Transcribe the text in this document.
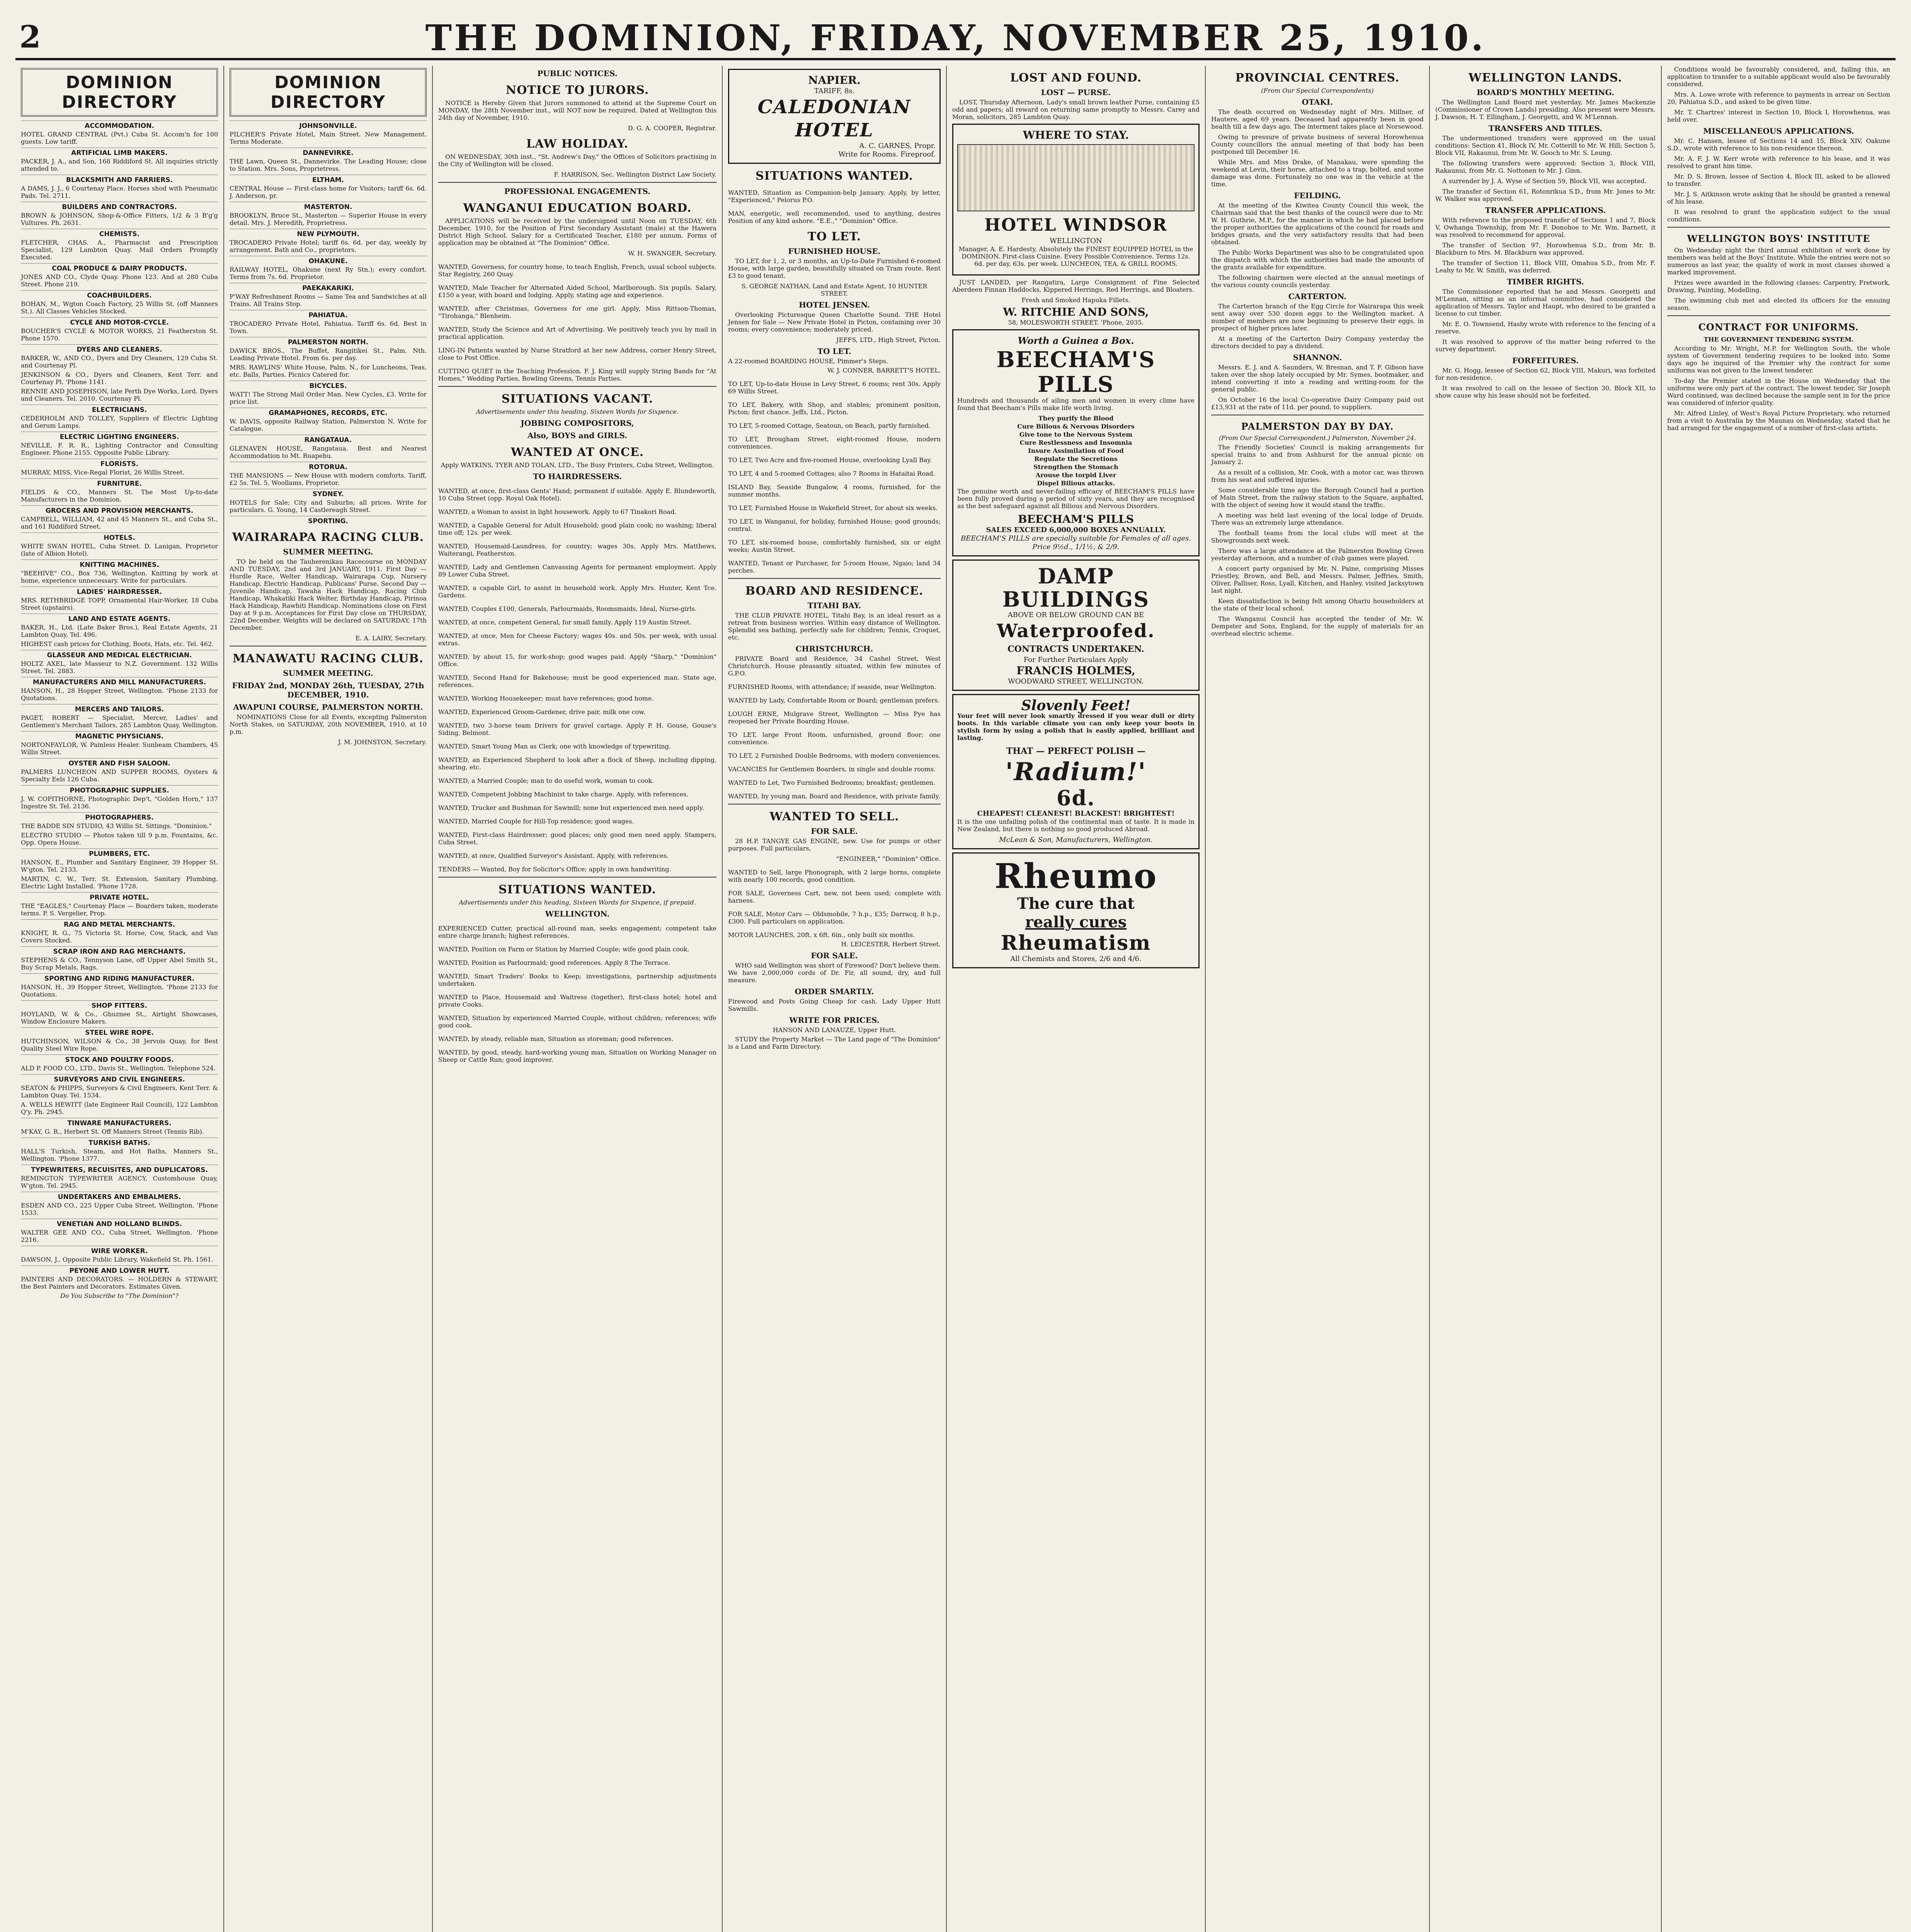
2	THE DOMINION, FRIDAY, NOVEMBER 25, 1910.
DOMINION DIRECTORY
ACCOMMODATION.
HOTEL GRAND CENTRAL (Pvt.) Cuba St. Accom'n for 100 guests. Low tariff.
ARTIFICIAL LIMB MAKERS.
PACKER, J. A., and Son, 168 Riddiford St. All inquiries strictly attended to.
BLACKSMITH AND FARRIERS.
A DAMS, J. J., 6 Courtenay Place. Horses shod with Pneumatic Pads. Tel. 2711.
BUILDERS AND CONTRACTORS.
BROWN & JOHNSON, Shop-&-Office Fitters, 1/2 & 3 B'g'g Vultures. Ph. 2631.
CHEMISTS.
FLETCHER, CHAS. A., Pharmacist and Prescription Specialist, 129 Lambton Quay. Mail Orders Promptly Executed.
COAL PRODUCE & DAIRY PRODUCTS.
JONES AND CO., Clyde Quay. Phone 123. And at 280 Cuba Street. Phone 219.
COACHBUILDERS.
BOHAN, M., Wgton Coach Factory, 25 Willis St. (off Manners St.). All Classes Vehicles Stocked.
CYCLE AND MOTOR-CYCLE.
BOUCHER'S CYCLE & MOTOR WORKS, 21 Featherston St. Phone 1570.
DYERS AND CLEANERS.
BARKER, W., AND CO., Dyers and Dry Cleaners, 129 Cuba St. and Courtenay Pl.
JENKINSON & CO., Dyers and Cleaners, Kent Terr. and Courtenay Pl. 'Phone 1141.
RENNIE AND JOSEPHSON, late Perth Dye Works, Lord. Dyers and Cleaners. Tel. 2010. Courtenay Pl.
ELECTRICIANS.
CEDERHOLM AND TOLLEY, Suppliers of Electric Lighting and Gerum Lamps.
ELECTRIC LIGHTING ENGINEERS.
NEVILLE, F. R. R., Lighting Contractor and Consulting Engineer. Phone 2155. Opposite Public Library.
FLORISTS.
MURRAY, MISS, Vice-Regal Florist, 26 Willis Street.
FURNITURE.
FIELDS & CO., Manners St. The Most Up-to-date Manufacturers in the Dominion.
GROCERS AND PROVISION MERCHANTS.
CAMPBELL, WILLIAM, 42 and 45 Manners St., and Cuba St., and 161 Riddiford Street.
HOTELS.
WHITE SWAN HOTEL, Cuba Street. D. Lanigan, Proprietor (late of Albion Hotel).
KNITTING MACHINES.
"BEEHIVE" CO., Box 736, Wellington. Knitting by work at home, experience unnecessary. Write for particulars.
LADIES' HAIRDRESSER.
MRS. RETHBRIDGE TOPP, Ornamental Hair-Worker, 18 Cuba Street (upstairs).
LAND AND ESTATE AGENTS.
BAKER, H., Ltd. (Late Baker Bros.), Real Estate Agents, 21 Lambton Quay. Tel. 496.
HIGHEST cash prices for Clothing, Boots, Hats, etc. Tel. 462.
GLASSEUR AND MEDICAL ELECTRICIAN.
HOLTZ AXEL, late Masseur to N.Z. Government. 132 Willis Street. Tel. 2883.
MANUFACTURERS AND MILL MANUFACTURERS.
HANSON, H., 28 Hopper Street, Wellington. 'Phone 2133 for Quotations.
MERCERS AND TAILORS.
PAGET, ROBERT — Specialist, Mercer, Ladies' and Gentlemen's Merchant Tailors, 285 Lambton Quay, Wellington.
MAGNETIC PHYSICIANS.
NORTONFAYLOR, W. Painless Healer. Sunbeam Chambers, 45 Willis Street.
OYSTER AND FISH SALOON.
PALMERS LUNCHEON AND SUPPER ROOMS, Oysters & Specialty Eels 126 Cuba.
PHOTOGRAPHIC SUPPLIES.
J. W. COPITHORNE, Photographic Dep't, "Golden Horn," 137 Ingestre St. Tel. 2136.
PHOTOGRAPHERS.
THE BADDE SIN STUDIO, 43 Willis St. Sittings. "Dominion."
ELECTRO STUDIO — Photos taken till 9 p.m. Fountains, &c. Opp. Opera House.
PLUMBERS, ETC.
HANSON, E., Plumber and Sanitary Engineer, 39 Hopper St. W'gton. Tel. 2133.
MARTIN, C. W., Terr. St. Extension, Sanitary Plumbing. Electric Light Installed. 'Phone 1728.
PRIVATE HOTEL.
THE "EAGLES," Courtenay Place — Boarders taken, moderate terms. P. S. Vergelier, Prop.
RAG AND METAL MERCHANTS.
KNIGHT, R. G., 75 Victoria St. Horse, Cow, Stack, and Van Covers Stocked.
SCRAP IRON AND RAG MERCHANTS.
STEPHENS & CO., Tennyson Lane, off Upper Abel Smith St., Buy Scrap Metals, Rags.
SPORTING AND RIDING MANUFACTURER.
HANSON, H., 39 Hopper Street, Wellington. 'Phone 2133 for Quotations.
SHOP FITTERS.
HOYLAND, W. & Co., Ghuznee St., Airtight Showcases, Window Enclosure Makers.
STEEL WIRE ROPE.
HUTCHINSON, WILSON & Co., 38 Jervois Quay, for Best Quality Steel Wire Rope.
STOCK AND POULTRY FOODS.
ALD P. FOOD CO., LTD., Davis St., Wellington. Telephone 524.
SURVEYORS AND CIVIL ENGINEERS.
SEATON & PHIPPS, Surveyors & Civil Engineers, Kent Terr. & Lambton Quay. Tel. 1534.
A. WELLS HEWITT (late Engineer Rail Council), 122 Lambton Q'y. Ph. 2945.
TINWARE MANUFACTURERS.
M'KAY, G. R., Herbert St. Off Manners Street (Tennis Rib).
TURKISH BATHS.
HALL'S Turkish, Steam, and Hot Baths, Manners St., Wellington. 'Phone 1377.
TYPEWRITERS, RECUISITES, AND DUPLICATORS.
REMINGTON TYPEWRITER AGENCY, Customhouse Quay, W'gton. Tel. 2945.
UNDERTAKERS AND EMBALMERS.
ESDEN AND CO., 225 Upper Cuba Street, Wellington. 'Phone 1533.
VENETIAN AND HOLLAND BLINDS.
WALTER GEE AND CO., Cuba Street, Wellington. 'Phone 2216.
WIRE WORKER.
DAWSON, J., Opposite Public Library, Wakefield St. Ph. 1561.
PEYONE AND LOWER HUTT.
PAINTERS AND DECORATORS. — HOLDERN & STEWART, the Best Painters and Decorators. Estimates Given.
Do You Subscribe to "The Dominion"?
DOMINION DIRECTORY
JOHNSONVILLE.
PILCHER'S Private Hotel, Main Street. New Management. Terms Moderate.
DANNEVIRKE.
THE Lawn, Queen St., Dannevirke. The Leading House; close to Station. Mrs. Sons, Proprietress.
ELTHAM.
CENTRAL House — First-class home for Visitors; tariff 6s. 6d. J. Anderson, pr.
MASTERTON.
BROOKLYN, Bruce St., Masterton — Superior House in every detail. Mrs. J. Meredith, Proprietress.
NEW PLYMOUTH.
TROCADERO Private Hotel; tariff 6s. 6d. per day, weekly by arrangement. Bath and Co., proprietors.
OHAKUNE.
RAILWAY HOTEL, Ohakune (next Ry Stn.); every comfort. Terms from 7s. 6d. Proprietor.
PAEKAKARIKI.
P'WAY Refreshment Rooms — Same Tea and Sandwiches at all Trains. All Trains Stop.
PAHIATUA.
TROCADERO Private Hotel, Pahiatua. Tariff 6s. 6d. Best in Town.
PALMERSTON NORTH.
DAWICK BROS., The Buffet, Rangitikei St., Palm. Nth. Leading Private Hotel. From 6s. per day.
MRS. RAWLINS' White House, Palm. N., for Luncheons, Teas, etc. Balls, Parties. Picnics Catered for.
BICYCLES.
WATT! The Strong Mail Order Man. New Cycles, £3. Write for price list.
GRAMAPHONES, RECORDS, ETC.
W. DAVIS, opposite Railway Station, Palmerston N. Write for Catalogue.
RANGATAUA.
GLENAVEN HOUSE, Rangataua. Best and Nearest Accommodation to Mt. Ruapehu.
ROTORUA.
THE MANSIONS — New House with modern comforts. Tariff, £2 5s. Tel. 5. Woollams, Proprietor.
SYDNEY.
HOTELS for Sale; City and Suburbs; all prices. Write for particulars. G. Young, 14 Castlereagh Street.
SPORTING.
WAIRARAPA RACING CLUB.
SUMMER MEETING.

TO be held on the Tauherenikau Racecourse on MONDAY AND TUESDAY, 2nd and 3rd JANUARY, 1911. First Day — Hurdle Race, Welter Handicap, Wairarapa Cup, Nursery Handicap, Electric Handicap, Publicans' Purse. Second Day — Juvenile Handicap, Tawaha Hack Handicap, Racing Club Handicap, Whakatiki Hack Welter, Birthday Handicap, Pirinoa Hack Handicap, Rawhiti Handicap. Nominations close on First Day at 9 p.m. Acceptances for First Day close on THURSDAY, 22nd December. Weights will be declared on SATURDAY, 17th December.

E. A. LAIRY, Secretary.
MANAWATU RACING CLUB.
SUMMER MEETING.
FRIDAY 2nd, MONDAY 26th, TUESDAY, 27th DECEMBER, 1910.
AWAPUNI COURSE, PALMERSTON NORTH.

NOMINATIONS Close for all Events, excepting Palmerston North Stakes, on SATURDAY, 20th NOVEMBER, 1910, at 10 p.m.

J. M. JOHNSTON, Secretary.
PUBLIC NOTICES.
NOTICE TO JURORS.

NOTICE is Hereby Given that Jurors summoned to attend at the Supreme Court on MONDAY, the 28th November inst., will NOT now be required. Dated at Wellington this 24th day of November, 1910.

D. G. A. COOPER, Registrar.
LAW HOLIDAY.

ON WEDNESDAY, 30th inst., "St. Andrew's Day," the Offices of Solicitors practising in the City of Wellington will be closed.

F. HARRISON, Sec. Wellington District Law Society.
PROFESSIONAL ENGAGEMENTS.
WANGANUI EDUCATION BOARD.

APPLICATIONS will be received by the undersigned until Noon on TUESDAY, 6th December, 1910, for the Position of First Secondary Assistant (male) at the Hawera District High School. Salary for a Certificated Teacher, £180 per annum. Forms of application may be obtained at "The Dominion" Office.

W. H. SWANGER, Secretary.

WANTED, Governess, for country home, to teach English, French, usual school subjects. Star Registry, 260 Quay.

WANTED, Male Teacher for Alternated Aided School, Marlborough. Six pupils. Salary, £150 a year, with board and lodging. Apply, stating age and experience.

WANTED, after Christmas, Governess for one girl. Apply, Miss Rittson-Thomas, "Tirohanga," Blenheim.

WANTED, Study the Science and Art of Advertising. We positively teach you by mail in practical application.

LING-IN Patients wanted by Nurse Stratford at her new Address, corner Henry Street, close to Post Office.

CUTTING QUIET in the Teaching Profession. F. J. King will supply String Bands for "At Homes," Wedding Parties, Bowling Greens, Tennis Parties.

SITUATIONS VACANT.
Advertisements under this heading, Sixteen Words for Sixpence.
JOBBING COMPOSITORS,
Also, BOYS and GIRLS.
WANTED AT ONCE.
Apply WATKINS, TYER AND TOLAN, LTD., The Busy Printers, Cuba Street, Wellington.
TO HAIRDRESSERS.

WANTED, at once, first-class Gents' Hand; permanent if suitable. Apply E. Blundeworth, 10 Cuba Street (opp. Royal Oak Hotel).

WANTED, a Woman to assist in light housework. Apply to 67 Tinakori Road.

WANTED, a Capable General for Adult Household; good plain cook; no washing; liberal time off; 12s. per week.

WANTED, Housemaid-Laundress, for country; wages 30s. Apply Mrs. Matthews, Waiterangi, Featherston.

WANTED, Lady and Gentlemen Canvassing Agents for permanent employment. Apply 89 Lower Cuba Street.

WANTED, a capable Girl, to assist in household work. Apply Mrs. Hunter, Kent Tce. Gardens.

WANTED, Couples £100, Generals, Parlourmaids, Roomsmaids, Ideal, Nurse-girls.

WANTED, at once, competent General, for small family. Apply 119 Austin Street.

WANTED, at once, Men for Cheese Factory; wages 40s. and 50s. per week, with usual extras.

WANTED, by about 15, for work-shop; good wages paid. Apply "Sharp," "Dominion" Office.

WANTED, Second Hand for Bakehouse; must be good experienced man. State age, references.

WANTED, Working Housekeeper; must have references; good home.

WANTED, Experienced Groom-Gardener, drive pair, milk one cow.

WANTED, two 3-horse team Drivers for gravel cartage. Apply P. H. Gouse, Gouse's Siding, Belmont.

WANTED, Smart Young Man as Clerk; one with knowledge of typewriting.

WANTED, an Experienced Shepherd to look after a flock of Sheep, including dipping, shearing, etc.

WANTED, a Married Couple; man to do useful work, woman to cook.

WANTED, Competent Jobbing Machinist to take charge. Apply, with references.

WANTED, Trucker and Bushman for Sawmill; none but experienced men need apply.

WANTED, Married Couple for Hill-Top residence; good wages.

WANTED, First-class Hairdresser; good places; only good men need apply. Stampers, Cuba Street.

WANTED, at once, Qualified Surveyor's Assistant. Apply, with references.

TENDERS — Wanted, Boy for Solicitor's Office; apply in own handwriting.

SITUATIONS WANTED.
Advertisements under this heading, Sixteen Words for Sixpence, if prepaid.
WELLINGTON.

EXPERIENCED Cutter, practical all-round man, seeks engagement; competent take entire charge branch; highest references.

WANTED, Position on Farm or Station by Married Couple; wife good plain cook.

WANTED, Position as Parlourmaid; good references. Apply 8 The Terrace.

WANTED, Smart Traders' Books to Keep; investigations, partnership adjustments undertaken.

WANTED to Place, Housemaid and Waitress (together), first-class hotel; hotel and private Cooks.

WANTED, Situation by experienced Married Couple, without children; references; wife good cook.

WANTED, by steady, reliable man, Situation as storeman; good references.

WANTED, by good, steady, hard-working young man, Situation on Working Manager on Sheep or Cattle Run; good improver.

NAPIER.
TARIFF, 8s.
CALEDONIAN HOTEL
A. C. GARNES, Propr.
Write for Rooms. Fireproof.
SITUATIONS WANTED.

WANTED, Situation as Companion-help January. Apply, by letter, "Experienced," Pelorus P.O.

MAN, energetic, well recommended, used to anything, desires Position of any kind ashore. "E.E.," "Dominion" Office.

TO LET.
FURNISHED HOUSE.

TO LET, for 1, 2, or 3 months, an Up-to-Date Furnished 6-roomed House, with large garden, beautifully situated on Tram route. Rent £3 to good tenant.

S. GEORGE NATHAN, Land and Estate Agent, 10 HUNTER STREET.
HOTEL JENSEN.

Overlooking Picturesque Queen Charlotte Sound. THE Hotel Jensen for Sale — New Private Hotel in Picton, containing over 30 rooms; every convenience; moderately priced.

JEFFS, LTD., High Street, Picton.
TO LET.
A 22-roomed BOARDING HOUSE, Pimmer's Steps.
W. J. CONNER, BARRETT'S HOTEL.

TO LET, Up-to-date House in Levy Street, 6 rooms; rent 30s. Apply 69 Willis Street.

TO LET, Bakery, with Shop, and stables; prominent position, Picton; first chance. Jeffs, Ltd., Picton.

TO LET, 5-roomed Cottage, Seatoun, on Beach, partly furnished.

TO LET, Brougham Street, eight-roomed House, modern conveniences.

TO LET, Two Acre and five-roomed House, overlooking Lyall Bay.

TO LET, 4 and 5-roomed Cottages; also 7 Rooms in Hataitai Road.

ISLAND Bay, Seaside Bungalow, 4 rooms, furnished, for the summer months.

TO LET, Furnished House in Wakefield Street, for about six weeks.

TO LET, in Wanganui, for holiday, furnished House; good grounds; central.

TO LET, six-roomed house, comfortably furnished, six or eight weeks; Austin Street.

WANTED, Tenant or Purchaser, for 5-room House, Ngaio; land 34 perches.

BOARD AND RESIDENCE.
TITAHI BAY.

THE CLUB PRIVATE HOTEL, Titahi Bay, is an ideal resort as a retreat from business worries. Within easy distance of Wellington. Splendid sea bathing, perfectly safe for children; Tennis, Croquet, etc.

CHRISTCHURCH.

PRIVATE Board and Residence, 34 Cashel Street, West Christchurch. House pleasantly situated, within few minutes of G.P.O.

FURNISHED Rooms, with attendance; if seaside, near Wellington.

WANTED by Lady, Comfortable Room or Board; gentleman prefers.

LOUGH ERNE, Mulgrave Street, Wellington — Miss Pye has reopened her Private Boarding House.

TO LET, large Front Room, unfurnished, ground floor; one convenience.

TO LET, 2 Furnished Double Bedrooms, with modern conveniences.

VACANCIES for Gentlemen Boarders, in single and double rooms.

WANTED to Let, Two Furnished Bedrooms; breakfast; gentlemen.

WANTED, by young man, Board and Residence, with private family.

WANTED TO SELL.
FOR SALE.

28 H.P. TANGYE GAS ENGINE, new. Use for pumps or other purposes. Full particulars,

"ENGINEER," "Dominion" Office.

WANTED to Sell, large Phonograph, with 2 large horns, complete with nearly 100 records, good condition.

FOR SALE, Governess Cart, new, not been used; complete with harness.

FOR SALE, Motor Cars — Oldsmobile, 7 h.p., £35; Darracq, 8 h.p., £300. Full particulars on application.

MOTOR LAUNCHES, 20ft. x 6ft. 6in., only built six months.

H. LEICESTER, Herbert Street.
FOR SALE.

WHO said Wellington was short of Firewood? Don't believe them. We have 2,000,000 cords of Dr. Fir, all sound, dry, and full measure.

ORDER SMARTLY.
Firewood and Posts Going Cheap for cash. Lady Upper Hutt Sawmills.
WRITE FOR PRICES.
HANSON AND LANAUZE, Upper Hutt.

STUDY the Property Market — The Land page of "The Dominion" is a Land and Farm Directory.

LOST AND FOUND.
LOST — PURSE.

LOST, Thursday Afternoon, Lady's small brown leather Purse, containing £5 odd and papers; all reward on returning same promptly to Messrs. Carey and Moran, solicitors, 285 Lambton Quay.

WHERE TO STAY.
HOTEL WINDSOR
WELLINGTON

Manager, A. E. Hardesty, Absolutely the FINEST EQUIPPED HOTEL in the DOMINION. First-class Cuisine. Every Possible Convenience. Terms 12s. 6d. per day, 63s. per week. LUNCHEON, TEA, & GRILL ROOMS.

JUST LANDED, per Rangatira, Large Consignment of Fine Selected Aberdeen Finnan Haddocks, Kippered Herrings, Red Herrings, and Bloaters.

Fresh and Smoked Hapuka Fillets.
W. RITCHIE AND SONS,
58, MOLESWORTH STREET. 'Phone, 2035.
Worth a Guinea a Box.
BEECHAM'S PILLS

Hundreds and thousands of ailing men and women in every clime have found that Beecham's Pills make life worth living.

They purify the Blood

Cure Bilious & Nervous Disorders

Give tone to the Nervous System

Cure Restlessness and Insomnia

Insure Assimilation of Food

Regulate the Secretions

Strengthen the Stomach

Arouse the torpid Liver

Dispel Bilious attacks.

The genuine worth and never-failing efficacy of BEECHAM'S PILLS have been fully proved during a period of sixty years, and they are recognised as the best safeguard against all Bilious and Nervous Disorders.

BEECHAM'S PILLS
SALES EXCEED 6,000,000 BOXES ANNUALLY.
BEECHAM'S PILLS are specially suitable for Females of all ages. Price 9½d., 1/1½, & 2/9.
DAMP
BUILDINGS
ABOVE OR BELOW GROUND CAN BE
Waterproofed.
CONTRACTS UNDERTAKEN.
For Further Particulars Apply
FRANCIS HOLMES,
WOODWARD STREET, WELLINGTON.
Slovenly Feet!

Your feet will never look smartly dressed if you wear dull or dirty boots. In this variable climate you can only keep your boots in stylish form by using a polish that is easily applied, brilliant and lasting.

THAT — PERFECT POLISH —
'Radium!'
6d.
CHEAPEST! CLEANEST! BLACKEST! BRIGHTEST!

It is the one unfailing polish of the continental man of taste. It is made in New Zealand, but there is nothing so good produced Abroad.

McLean & Son, Manufacturers, Wellington.
Rheumo
The cure that
really cures
Rheumatism
All Chemists and Stores, 2/6 and 4/6.
PROVINCIAL CENTRES.
(From Our Special Correspondents)
OTAKI.

The death occurred on Wednesday night of Mrs. Millner, of Hautere, aged 69 years. Deceased had apparently been in good health till a few days ago. The interment takes place at Norsewood.

Owing to pressure of private business of several Horowhenua County councillors the annual meeting of that body has been postponed till December 16.

While Mrs. and Miss Drake, of Manakau, were spending the weekend at Levin, their horse, attached to a trap, bolted, and some damage was done. Fortunately no one was in the vehicle at the time.

FEILDING.

At the meeting of the Kiwitea County Council this week, the Chairman said that the best thanks of the council were due to Mr. W. H. Guthrie, M.P., for the manner in which he had placed before the proper authorities the applications of the council for roads and bridges grants, and the very satisfactory results that had been obtained.

The Public Works Department was also to be congratulated upon the dispatch with which the authorities had made the amounts of the grants available for expenditure.

The following chairmen were elected at the annual meetings of the various county councils yesterday.

CARTERTON.

The Carterton branch of the Egg Circle for Wairarapa this week sent away over 530 dozen eggs to the Wellington market. A number of members are now beginning to preserve their eggs, in prospect of higher prices later.

At a meeting of the Carterton Dairy Company yesterday the directors decided to pay a dividend.

SHANNON.

Messrs. E. J. and A. Saunders, W. Bresnan, and T. F. Gibson have taken over the shop lately occupied by Mr. Symes, bootmaker, and intend converting it into a reading and writing-room for the general public.

On October 16 the local Co-operative Dairy Company paid out £13,931 at the rate of 11d. per pound, to suppliers.

PALMERSTON DAY BY DAY.
(From Our Special Correspondent.) Palmerston, November 24.

The Friendly Societies' Council is making arrangements for special trains to and from Ashhurst for the annual picnic on January 2.

As a result of a collision, Mr. Cook, with a motor car, was thrown from his seat and suffered injuries.

Some considerable time ago the Borough Council had a portion of Main Street, from the railway station to the Square, asphalted, with the object of seeing how it would stand the traffic.

A meeting was held last evening of the local lodge of Druids. There was an extremely large attendance.

The football teams from the local clubs will meet at the Showgrounds next week.

There was a large attendance at the Palmerston Bowling Green yesterday afternoon, and a number of club games were played.

A concert party organised by Mr. N. Paine, comprising Misses Priestley, Brown, and Bell, and Messrs. Palmer, Jeffries, Smith, Oliver, Palliser, Ross, Lyall, Kitchen, and Hanley, visited Jacksytown last night.

Keen dissatisfaction is being felt among Ohariu householders at the state of their local school.

The Wanganui Council has accepted the tender of Mr. W. Dempster and Sons, England, for the supply of materials for an overhead electric scheme.

WELLINGTON LANDS.
BOARD'S MONTHLY MEETING.

The Wellington Land Board met yesterday, Mr. James Mackenzie (Commissioner of Crown Lands) presiding. Also present were Messrs. J. Dawson, H. T. Ellingham, J. Georgetti, and W. M'Lennan.

TRANSFERS AND TITLES.

The undermentioned transfers were approved on the usual conditions: Section 41, Block IV, Mr. Cotterill to Mr. W. Hill; Section 5, Block VII, Rakaunui, from Mr. W. Gooch to Mr. S. Leung.

The following transfers were approved: Section 3, Block VIII, Rakaunui, from Mr. G. Nottonen to Mr. J. Ginn.

A surrender by J. A. Wyse of Section 59, Block VII, was accepted.

The transfer of Section 61, Rotonrikua S.D., from Mr. Jones to Mr. W. Walker was approved.

TRANSFER APPLICATIONS.

With reference to the proposed transfer of Sections 1 and 7, Block V, Owhanga Township, from Mr. F. Donohoe to Mr. Wm. Barnett, it was resolved to recommend for approval.

The transfer of Section 97, Horowhenua S.D., from Mr. B. Blackburn to Mrs. M. Blackburn was approved.

The transfer of Section 11, Block VIII, Omahua S.D., from Mr. F. Leahy to Mr. W. Smith, was deferred.

TIMBER RIGHTS.

The Commissioner reported that he and Messrs. Georgetti and M'Lennan, sitting as an informal committee, had considered the application of Messrs. Taylor and Haupt, who desired to be granted a license to cut timber.

Mr. E. O. Townsend, Hasby wrote with reference to the fencing of a reserve.

It was resolved to approve of the matter being referred to the survey department.

FORFEITURES.

Mr. G. Hogg, lessee of Section 62, Block VIII, Makuri, was forfeited for non-residence.

It was resolved to call on the lessee of Section 30, Block XII, to show cause why his lease should not be forfeited.

Conditions would be favourably considered, and, failing this, an application to transfer to a suitable applicant would also be favourably considered.

Mrs. A. Lowe wrote with reference to payments in arrear on Section 20, Pahiatua S.D., and asked to be given time.

Mr. T. Chartres' interest in Section 10, Block I, Horowhenua, was held over.

MISCELLANEOUS APPLICATIONS.

Mr. C. Hansen, lessee of Sections 14 and 15, Block XIV, Oakune S.D., wrote with reference to his non-residence thereon.

Mr. A. F. J. W. Kerr wrote with reference to his lease, and it was resolved to grant him time.

Mr. D. S. Brown, lessee of Section 4, Block III, asked to be allowed to transfer.

Mr. J. S. Aitkinson wrote asking that he should be granted a renewal of his lease.

It was resolved to grant the application subject to the usual conditions.

WELLINGTON BOYS' INSTITUTE

On Wednesday night the third annual exhibition of work done by members was held at the Boys' Institute. While the entries were not so numerous as last year, the quality of work in most classes showed a marked improvement.

Prizes were awarded in the following classes: Carpentry, Fretwork, Drawing, Painting, Modelling.

The swimming club met and elected its officers for the ensuing season.

CONTRACT FOR UNIFORMS.
THE GOVERNMENT TENDERING SYSTEM.

According to Mr. Wright, M.P. for Wellington South, the whole system of Government tendering requires to be looked into. Some days ago he inquired of the Premier why the contract for some uniforms was not given to the lowest tenderer.

To-day the Premier stated in the House on Wednesday that the uniforms were only part of the contract. The lowest tender, Sir Joseph Ward continued, was declined because the sample sent in for the price was considered of inferior quality.

Mr. Alfred Linley, of West's Royal Picture Proprietary, who returned from a visit to Australia by the Maunau on Wednesday, stated that he had arranged for the engagement of a number of first-class artists.
